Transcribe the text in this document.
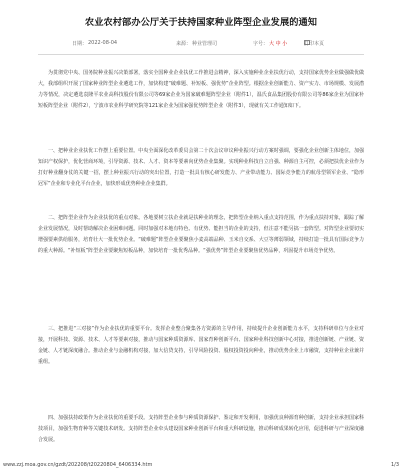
农业农村部办公厅关于扶持国家种业阵型企业发展的通知
日期： 2022-08-04	来源： 种业管理司	字号： 大 中 小	打印本页

为贯彻党中央、国务院种业振兴决策部署，落实全国种业企业扶优工作推进会精神，深入实施种业企业扶优行动，支持国家优势企业做强做优做大，我部组织开展了国家种业阵型企业遴选工作，加快构建“破难题、补短板、强优势”企业阵型。根据企业创新能力、资产实力、市场规模、发展潜力等情况，决定遴选袁隆平农业高科技股份有限公司等69家企业为国家破难题阵型企业（附件1），温氏食品集团股份有限公司等86家企业为国家补短板阵型企业（附件2），宁波市农业科学研究院等121家企业为国家强优势阵型企业（附件3），现就有关工作通知如下。

一、把种业企业扶优工作摆上重要位置。中央全面深化改革委员会第二十次会议审议种业振兴行动方案时强调，要强化企业创新主体地位，加强知识产权保护，优化营商环境，引导资源、技术、人才、资本等要素向优势企业集聚。实现种业科技自立自强、种源自主可控，必须把扶优企业作为打好种业翻身仗的关键一招，摆上种业振兴行动的突出位置，打造一批具有核心研发能力、产业带动能力、国际竞争能力的航母型领军企业、“隐形冠军”企业和专业化平台企业，加快形成优势种业企业集群。

二、把阵型企业作为企业扶优的重点对象。各地要树立扶企业就是扶种业的理念，把阵型企业纳入重点支持范围，作为重点扶持对象，跟踪了解企业发展情况，及时帮助解决企业困难问题。同时加强对本地有特色、有优势、能担当的企业的支持，但注意不能另搞一套阵型。对阵型企业要切实增强要素供给服务，培育壮大一批优势企业。“破难题”阵型企业要聚焦小麦高端品种、玉米自交系、大豆等薄弱领域，持续打造一批具有国际竞争力的重大种源。“补短板”阵型企业要聚焦短板品种，加快培育一批优秀品种。“强优势”阵型企业要聚焦优势品种，巩固提升市场竞争优势。

三、把推进“三对接”作为企业扶优的重要平台。发挥企业整合聚集各方资源的主导作用，持续提升企业创新能力水平，支持科研单位与企业对接，开展科技、资源、技术、人才等要素对接，推动与国家种质资源库、国家育种创新平台、国家种业科技创新中心对接，推进创新链、产业链、资金链、人才链深度融合。推动企业与金融机构对接，加大信贷支持，引导风险投资、股权投资投向种业，推动优势企业上市融资，支持种业企业兼并重组。

四、加强扶持政策作为企业扶优的重要手段。支持阵型企业参与种质资源保护、鉴定和开发利用，加强优良种源育种创新，支持企业承担国家科技项目，加强生物育种等关键技术研发。支持阵型企业牵头建设国家种业创新平台和重大科研设施，推动科研成果转化应用，促进科研与产业深度融合发展。

www.zzj.moa.gov.cn/gzdt/202208/t20220804_6406334.htm	1/3
